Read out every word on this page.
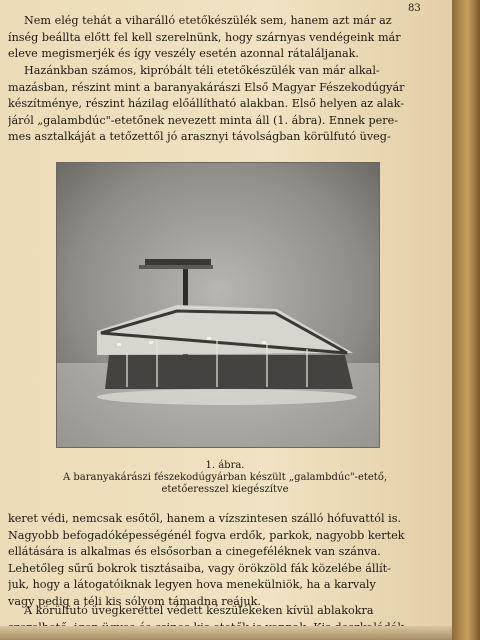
83
Nem elég tehát a viharálló etetőkészülék sem, hanem azt már az
ínség beállta előtt fel kell szerelnünk, hogy szárnyas vendégeink már
eleve megismerjék és így veszély esetén azonnal rátaláljanak.
Hazánkban számos, kipróbált téli etetőkészülék van már alkal-
mazásban, részint mint a baranyakárászi Első Magyar Fészekodúgyár
készítménye, részint házilag előállítható alakban. Első helyen az alak-
járól „galambdúc"-etetőnek nevezett minta áll (1. ábra). Ennek pere-
mes asztalkáját a tetőzettől jó arasznyi távolságban körülfutó üveg-
1. ábra.
A baranyakárászi fészekodúgyárban készült „galambdúc"-etető,
etetőeresszel kiegészítve
keret védi, nemcsak esőtől, hanem a vízszintesen szálló hófuvattól is.
Nagyobb befogadóképességénél fogva erdők, parkok, nagyobb kertek
ellátására is alkalmas és elsősorban a cinegeféléknek van szánva.
Lehetőleg sűrű bokrok tisztásaiba, vagy örökzöld fák közelébe állít-
juk, hogy a látogatóiknak legyen hova menekülniök, ha a karvaly
vagy pedig a téli kis sólyom támadna reájuk.
A körülfutó üvegkerettel védett készülékeken kívül ablakokra
